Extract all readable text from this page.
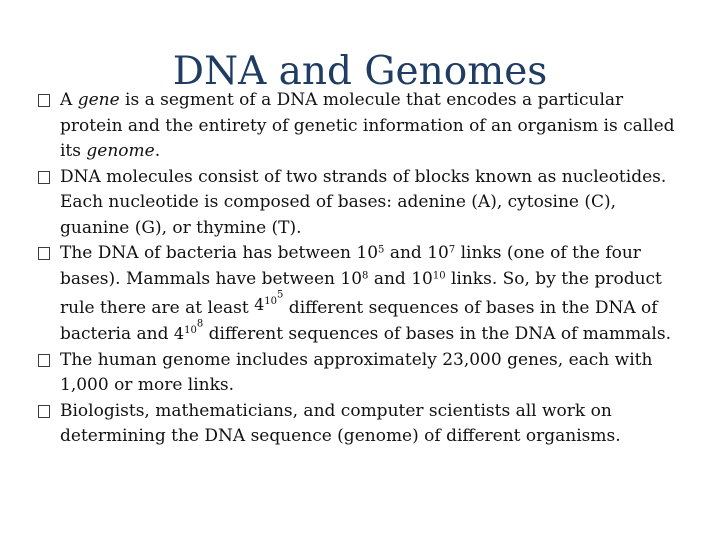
DNA and Genomes
A gene is a segment of a DNA molecule that encodes a particular protein and the entirety of genetic information of an organism is called its genome.
DNA molecules consist of two strands of blocks known as nucleotides. Each nucleotide is composed of bases: adenine (A), cytosine (C), guanine (G), or thymine (T).
The DNA of bacteria has between $10^5$ and $10^7$ links (one of the four bases). Mammals have between $10^8$ and $10^{10}$ links. So, by the product rule there are at least $4^{10^5}$ different sequences of bases in the DNA of bacteria and $4^{10^8}$ different sequences of bases in the DNA of mammals.
The human genome includes approximately 23,000 genes, each with 1,000 or more links.
Biologists, mathematicians, and computer scientists all work on determining the DNA sequence (genome) of different organisms.
